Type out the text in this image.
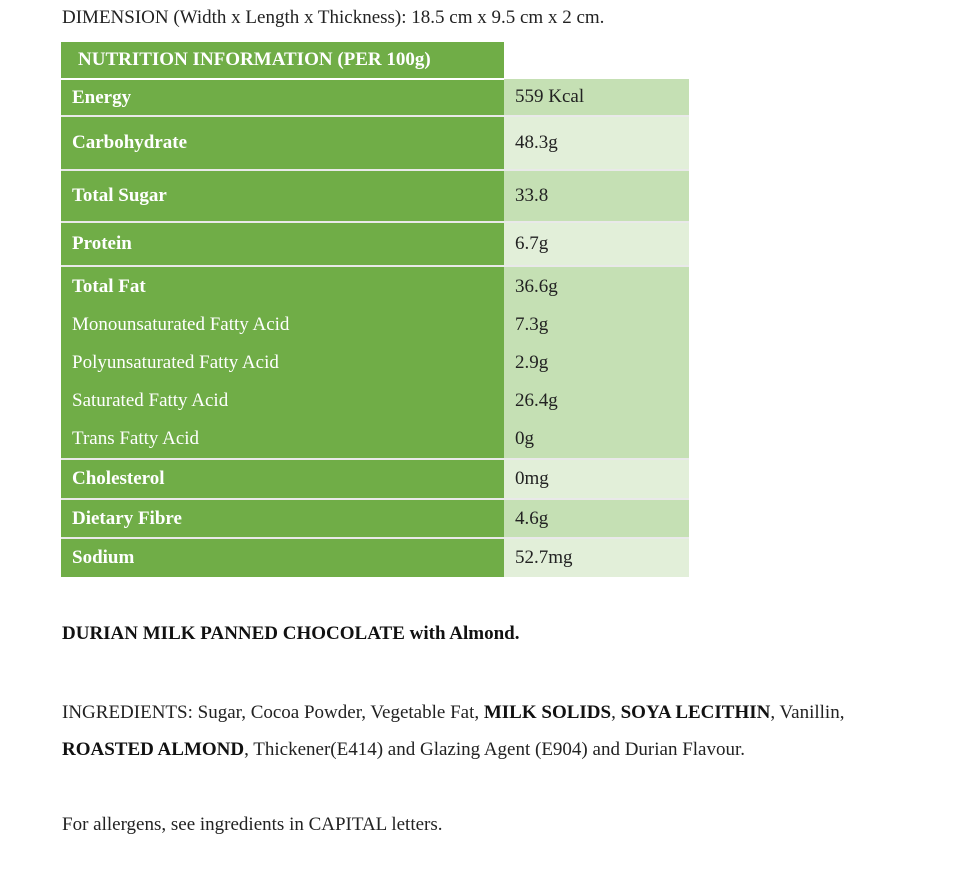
DIMENSION (Width x Length x Thickness): 18.5 cm x 9.5 cm x 2 cm.
NUTRITION INFORMATION (PER 100g)	
Energy	559 Kcal
Carbohydrate	48.3g
Total Sugar	33.8
Protein	6.7g
Total Fat	36.6g
Monounsaturated Fatty Acid	7.3g
Polyunsaturated Fatty Acid	2.9g
Saturated Fatty Acid	26.4g
Trans Fatty Acid	0g
Cholesterol	0mg
Dietary Fibre	4.6g
Sodium	52.7mg
DURIAN MILK PANNED CHOCOLATE with Almond.

INGREDIENTS: Sugar, Cocoa Powder, Vegetable Fat, MILK SOLIDS, SOYA LECITHIN, Vanillin, ROASTED ALMOND, Thickener(E414) and Glazing Agent (E904) and Durian Flavour.

For allergens, see ingredients in CAPITAL letters.
